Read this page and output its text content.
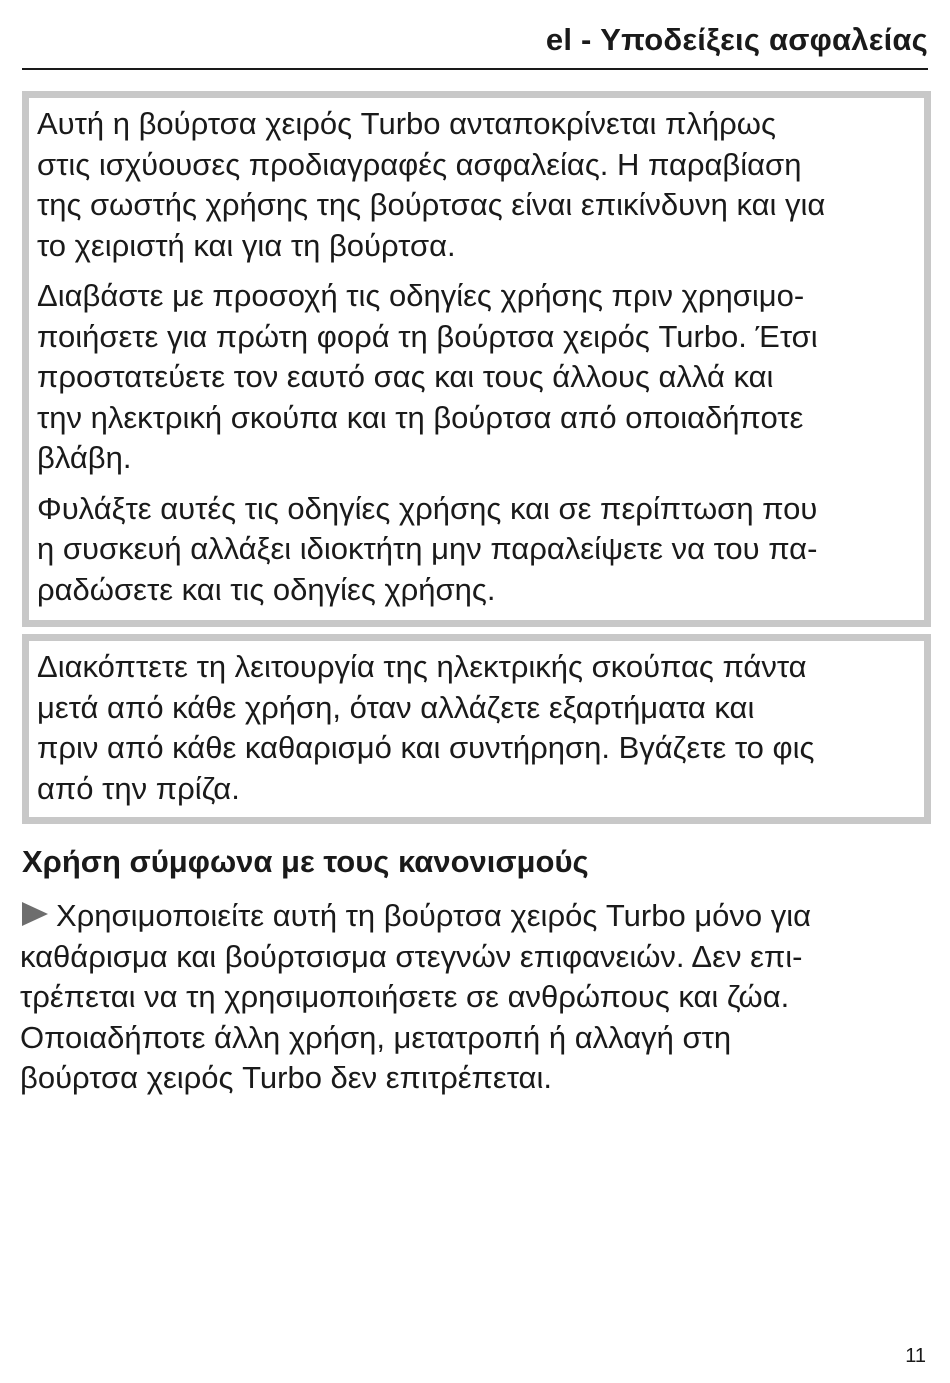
el - Υποδείξεις ασφαλείας

Αυτή η βούρτσα χειρός Turbo ανταποκρίνεται πλήρως
στις ισχύουσες προδιαγραφές ασφαλείας. Η παραβίαση
της σωστής χρήσης της βούρτσας είναι επικίνδυνη και για
το χειριστή και για τη βούρτσα.

Διαβάστε με προσοχή τις οδηγίες χρήσης πριν χρησιμο-
ποιήσετε για πρώτη φορά τη βούρτσα χειρός Turbo. Έτσι
προστατεύετε τον εαυτό σας και τους άλλους αλλά και
την ηλεκτρική σκούπα και τη βούρτσα από οποιαδήποτε
βλάβη.

Φυλάξτε αυτές τις οδηγίες χρήσης και σε περίπτωση που
η συσκευή αλλάξει ιδιοκτήτη μην παραλείψετε να του πα-
ραδώσετε και τις οδηγίες χρήσης.

Διακόπτετε τη λειτουργία της ηλεκτρικής σκούπας πάντα
μετά από κάθε χρήση, όταν αλλάζετε εξαρτήματα και
πριν από κάθε καθαρισμό και συντήρηση. Βγάζετε το φις
από την πρίζα.

Χρήση σύμφωνα με τους κανονισμούς

Χρησιμοποιείτε αυτή τη βούρτσα χειρός Turbo μόνο για
καθάρισμα και βούρτσισμα στεγνών επιφανειών. Δεν επι-
τρέπεται να τη χρησιμοποιήσετε σε ανθρώπους και ζώα.
Οποιαδήποτε άλλη χρήση, μετατροπή ή αλλαγή στη
βούρτσα χειρός Turbo δεν επιτρέπεται.

11
